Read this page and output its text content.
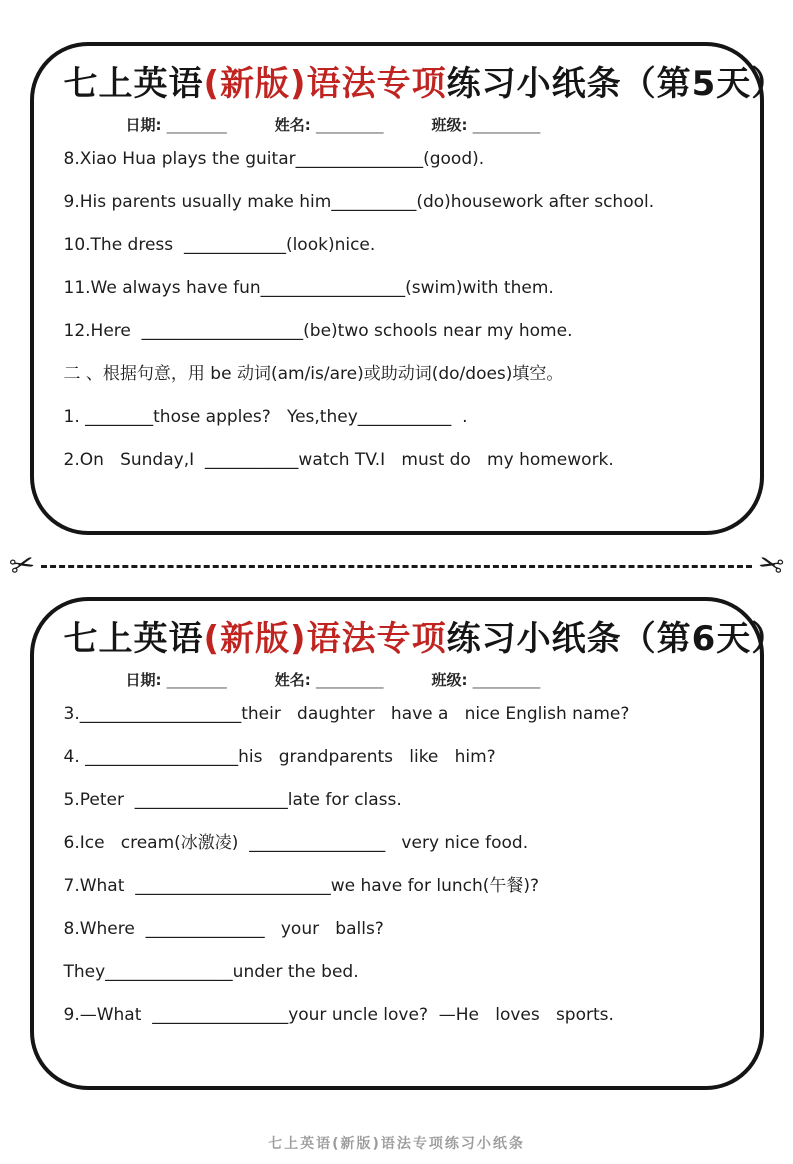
七上英语(新版)语法专项练习小纸条（第5天）
日期: ________	姓名: _________	班级: _________
8.Xiao Hua plays the guitar_______________(good).
9.His parents usually make him__________(do)housework after school.
10.The dress  ____________(look)nice.
11.We always have fun_________________(swim)with them.
12.Here  ___________________(be)two schools near my home.
二 、根据句意，用 be 动词(am/is/are)或助动词(do/does)填空。
1. ________those apples?   Yes,they___________  .
2.On   Sunday,I  ___________watch TV.I   must do   my homework.
✂	✂
七上英语(新版)语法专项练习小纸条（第6天）
日期: ________	姓名: _________	班级: _________
3.___________________their   daughter   have a   nice English name?
4. __________________his   grandparents   like   him?
5.Peter  __________________late for class.
6.Ice   cream(冰激凌)  ________________   very nice food.
7.What  _______________________we have for lunch(午餐)?
8.Where  ______________   your   balls?
They_______________under the bed.
9.—What  ________________your uncle love?  —He   loves   sports.
七上英语(新版)语法专项练习小纸条
